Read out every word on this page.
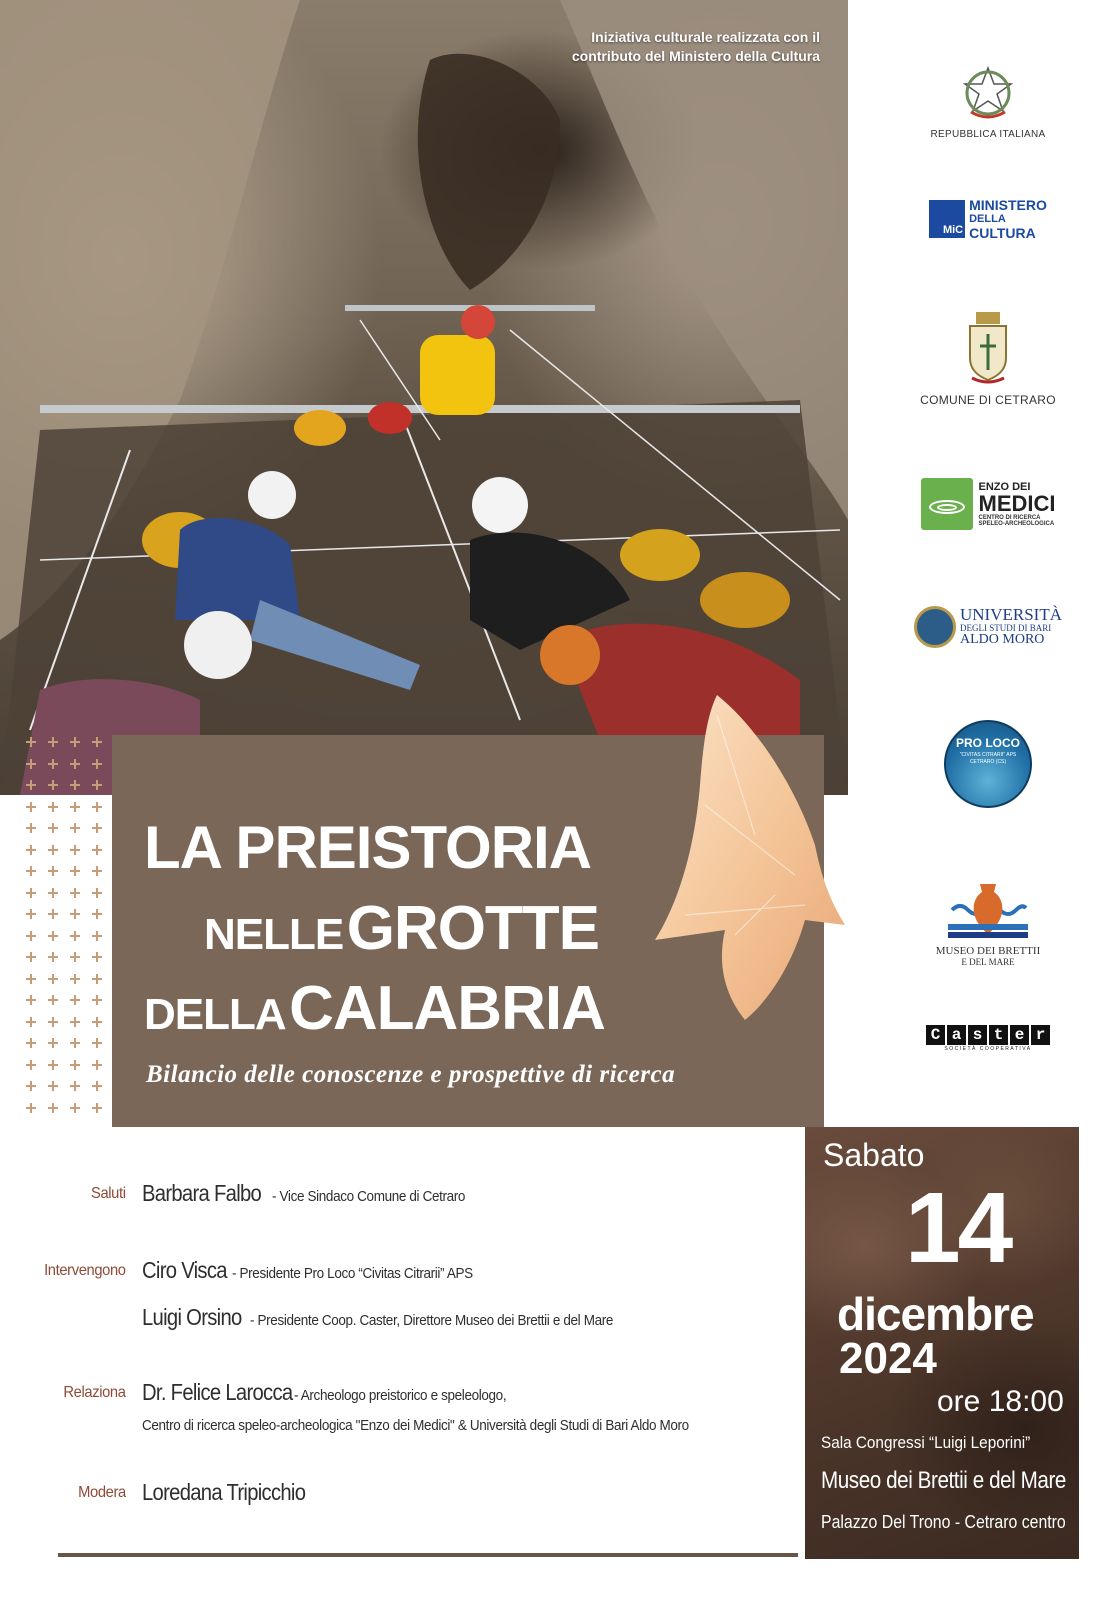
Iniziativa culturale realizzata con il
contributo del Ministero della Cultura
LA PREISTORIA
NELLE GROTTE
DELLA CALABRIA
Bilancio delle conoscenze e prospettive di ricerca
REPUBBLICA ITALIANA
MiC
MINISTERO
DELLA
CULTURA
COMUNE DI CETRARO
ENZO DEI
MEDICI
CENTRO DI RICERCA
SPELEO-ARCHEOLOGICA
UNIVERSITÀ
DEGLI STUDI DI BARI
ALDO MORO
PRO LOCO
"CIVITAS CITRARII" APS
CETRARO (CS)
MUSEO DEI BRETTII
E DEL MARE
C a s t e r
SOCIETÀ COOPERATIVA
Saluti Barbara Falbo - Vice Sindaco Comune di Cetraro
Intervengono Ciro Visca - Presidente Pro Loco “Civitas Citrarii” APS
Luigi Orsino - Presidente Coop. Caster, Direttore Museo dei Brettii e del Mare
Relaziona Dr. Felice Larocca - Archeologo preistorico e speleologo,
Centro di ricerca speleo-archeologica "Enzo dei Medici" & Università degli Studi di Bari Aldo Moro
Modera Loredana Tripicchio
Sabato
14
dicembre
2024
ore 18:00
Sala Congressi “Luigi Leporini”
Museo dei Brettii e del Mare
Palazzo Del Trono - Cetraro centro
